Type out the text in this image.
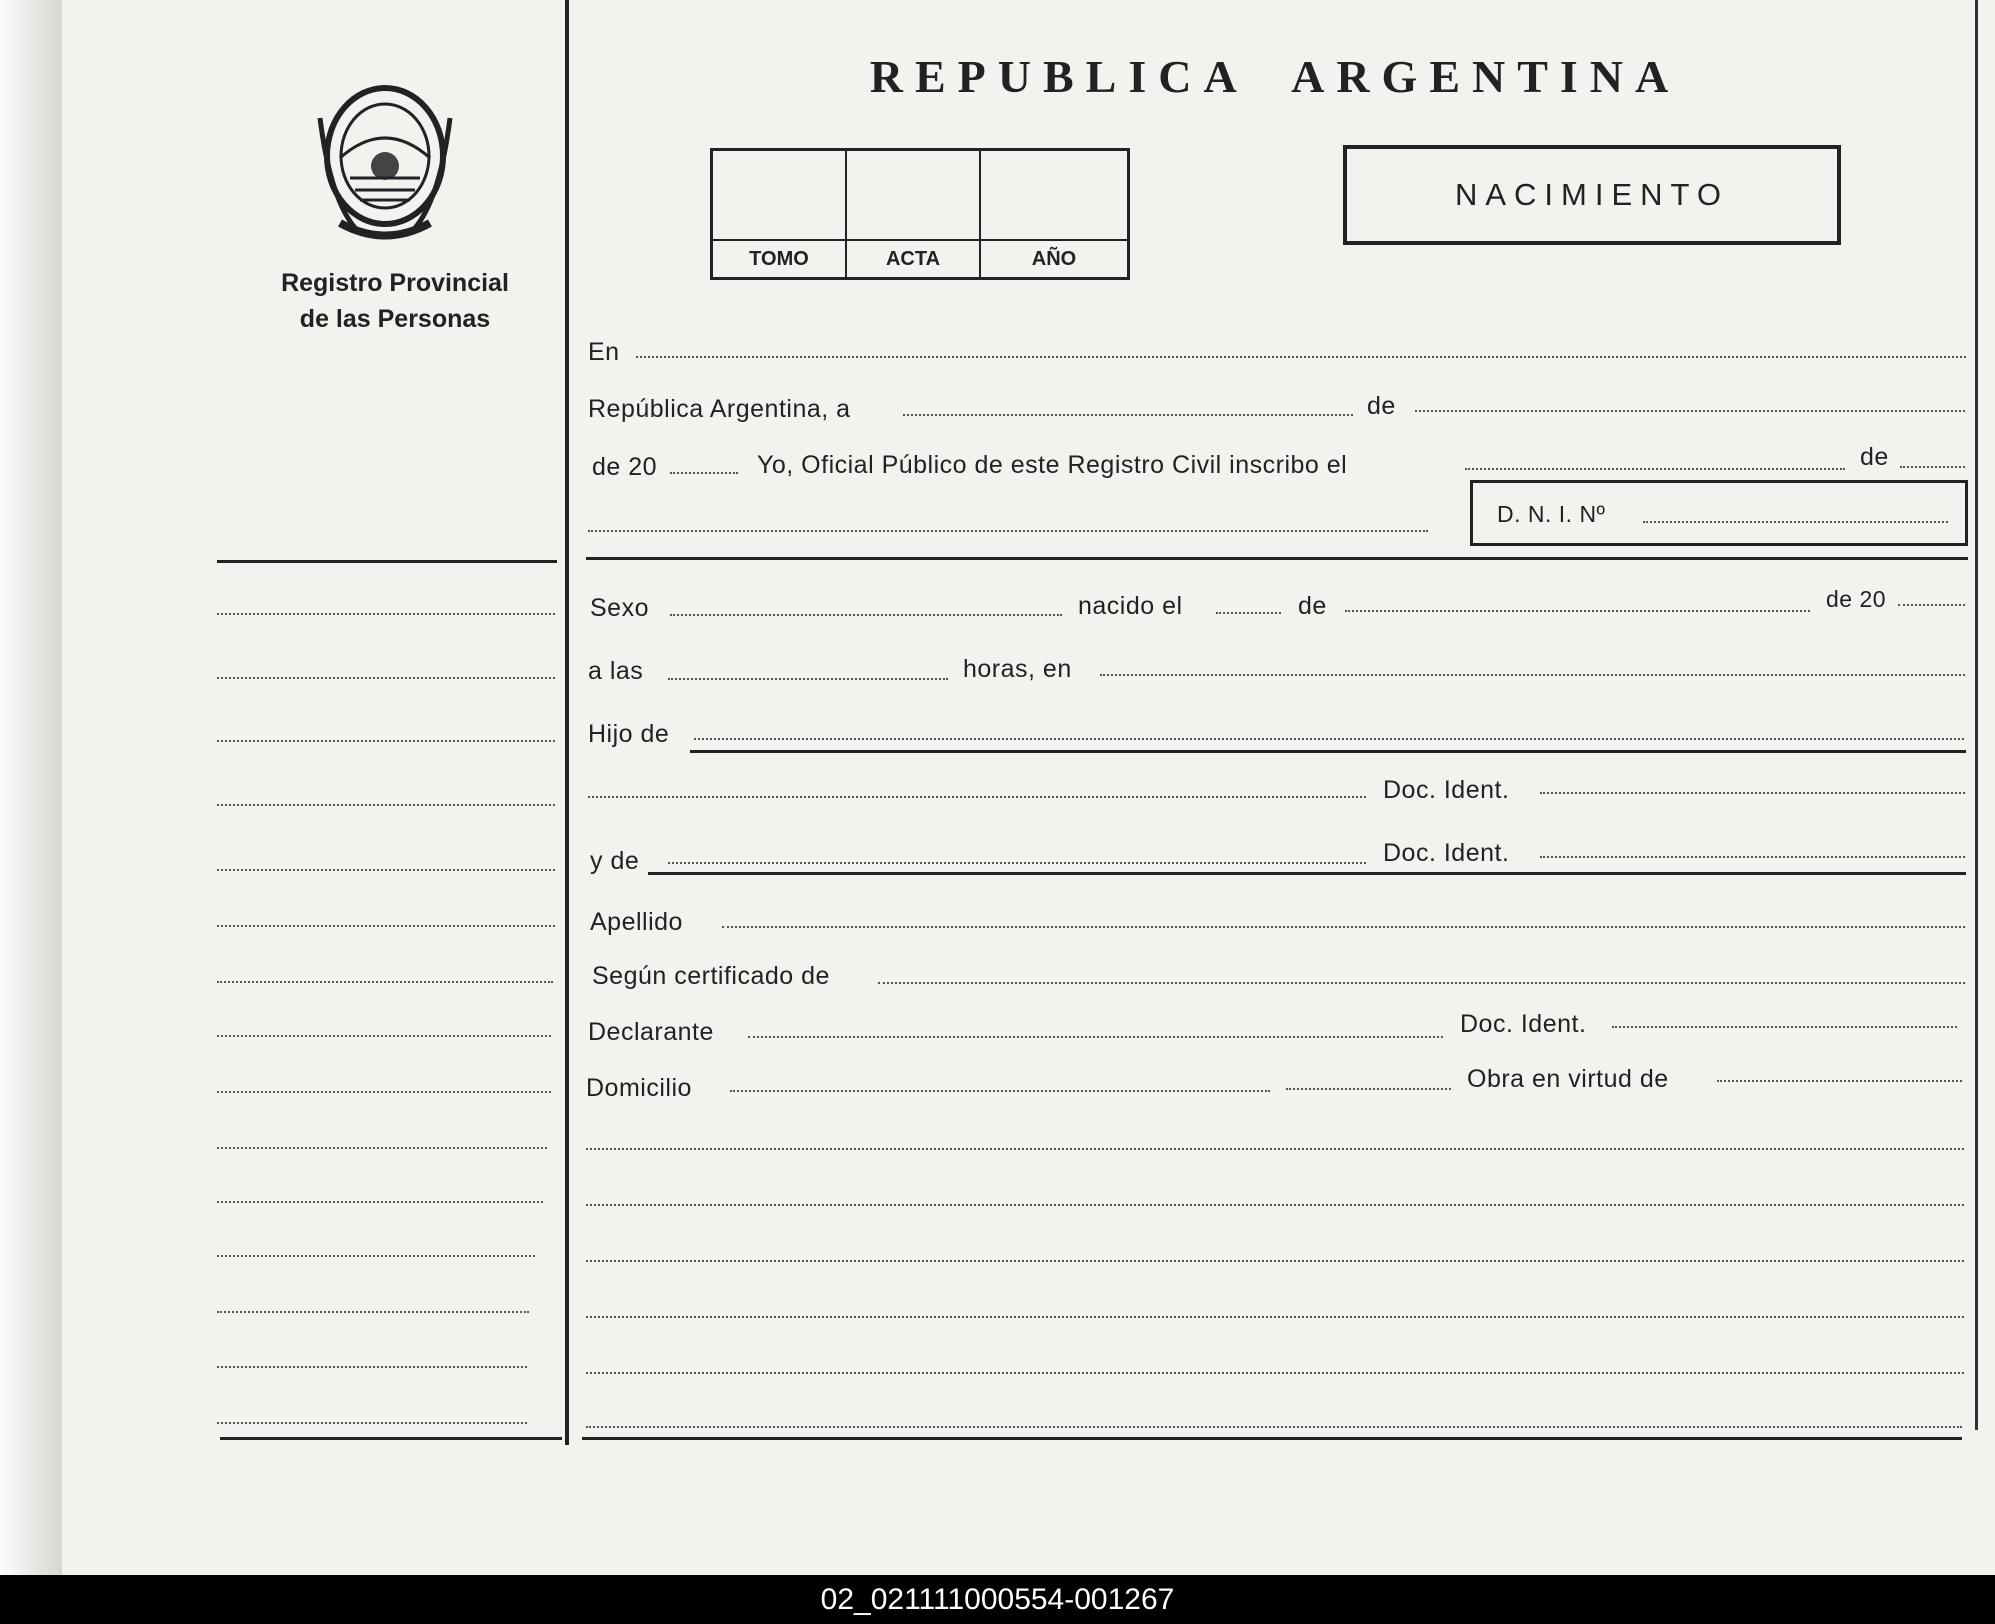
Registro Provincial
de las Personas
REPUBLICA ARGENTINA
TOMO	ACTA	AÑO
NACIMIENTO
En
República Argentina, a	de
de 20	Yo, Oficial Público de este Registro Civil inscribo el	de
D. N. I. Nº
Sexo	nacido el	de	de 20
a las	horas, en
Hijo de
Doc. Ident.
y de	Doc. Ident.
Apellido
Según certificado de
Declarante	Doc. Ident.
Domicilio	Obra en virtud de
02_021111000554-001267
